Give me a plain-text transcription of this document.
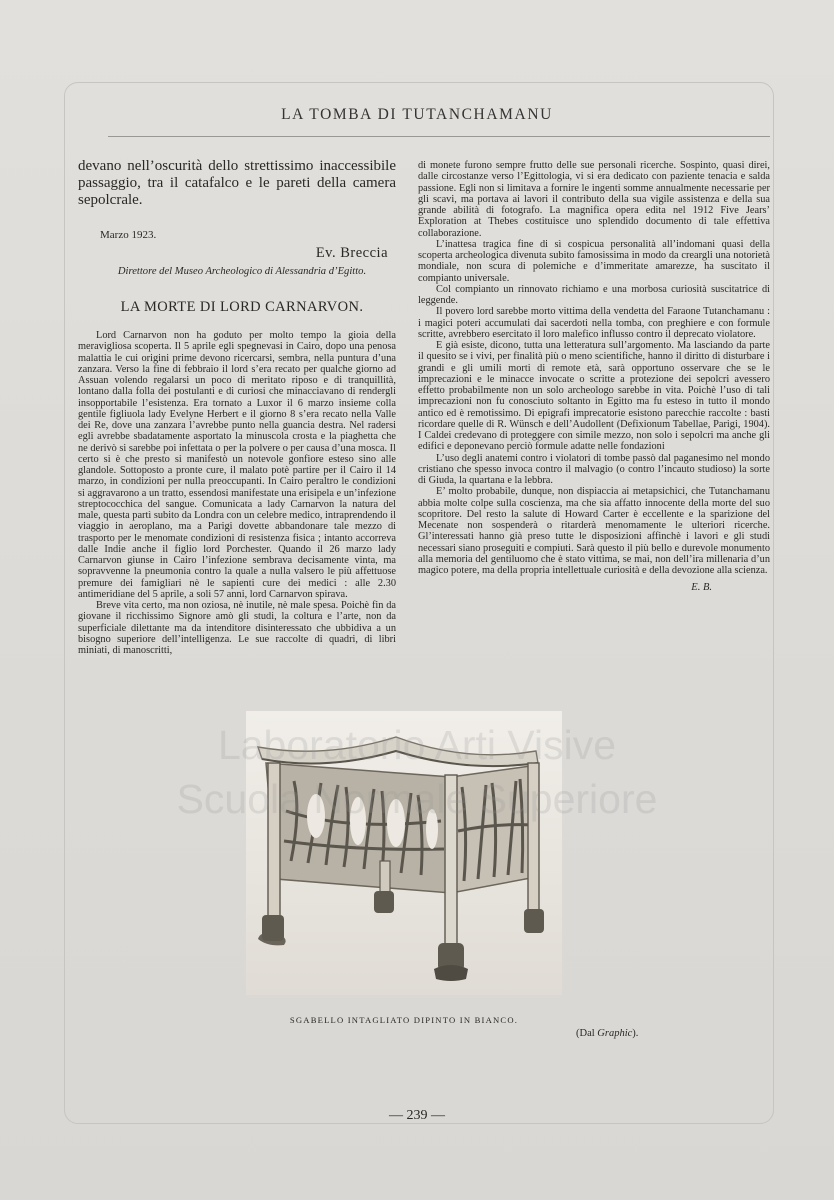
LA TOMBA DI TUTANCHAMANU

devano nell’oscurità dello strettissimo inaccessibile passaggio, tra il catafalco e le pareti della camera sepolcrale.

Marzo 1923.
Ev. Breccia
Direttore del Museo Archeologico di Alessandria d’Egitto.
LA MORTE DI LORD CARNARVON.

Lord Carnarvon non ha goduto per molto tempo la gioia della meravigliosa scoperta. Il 5 aprile egli spegnevasi in Cairo, dopo una penosa malattia le cui origini prime devono ricercarsi, sembra, nella puntura d’una zanzara. Verso la fine di febbraio il lord s’era recato per qualche giorno ad Assuan volendo regalarsi un poco di meritato riposo e di tranquillità, lontano dalla folla dei postulanti e di curiosi che minacciavano di rendergli insopportabile l’esistenza. Era tornato a Luxor il 6 marzo insieme colla gentile figliuola lady Evelyne Herbert e il giorno 8 s’era recato nella Valle dei Re, dove una zanzara l’avrebbe punto nella guancia destra. Nel radersi egli avrebbe sbadatamente asportato la minuscola crosta e la piaghetta che ne derivò si sarebbe poi infettata o per la polvere o per causa d’una mosca. Il certo si è che presto si manifestò un notevole gonfiore esteso sino alle glandole. Sottoposto a pronte cure, il malato potè partire per il Cairo il 14 marzo, in condizioni per nulla preoccupanti. In Cairo peraltro le condizioni si aggravarono a un tratto, essendosi manifestate una erisipela e un’infezione streptococchica del sangue. Comunicata a lady Carnarvon la natura del male, questa partì subito da Londra con un celebre medico, intraprendendo il viaggio in aeroplano, ma a Parigi dovette abbandonare tale mezzo di trasporto per le menomate condizioni di resistenza fisica ; intanto accorreva dalle Indie anche il figlio lord Porchester. Quando il 26 marzo lady Carnarvon giunse in Cairo l’infezione sembrava decisamente vinta, ma sopravvenne la pneumonia contro la quale a nulla valsero le più affettuose premure dei famigliari nè le sapienti cure dei medici : alle 2.30 antimeridiane del 5 aprile, a soli 57 anni, lord Carnarvon spirava.

Breve vita certo, ma non oziosa, nè inutile, nè male spesa. Poichè fin da giovane il ricchissimo Signore amò gli studi, la coltura e l’arte, non da superficiale dilettante ma da intenditore disinteressato che ubbidiva a un bisogno superiore dell’intelligenza. Le sue raccolte di quadri, di libri miniati, di manoscritti,

di monete furono sempre frutto delle sue personali ricerche. Sospinto, quasi direi, dalle circostanze verso l’Egittologia, vi si era dedicato con paziente tenacia e salda passione. Egli non si limitava a fornire le ingenti somme annualmente necessarie per gli scavi, ma portava ai lavori il contributo della sua vigile assistenza e della sua grande abilità di fotografo. La magnifica opera edita nel 1912 Five Jears’ Exploration at Thebes costituisce uno splendido documento di tale effettiva collaborazione.

L’inattesa tragica fine di sì cospicua personalità all’indomani quasi della scoperta archeologica divenuta subito famosissima in modo da creargli una notorietà mondiale, non scura di polemiche e d’immeritate amarezze, ha suscitato il compianto universale.

Col compianto un rinnovato richiamo e una morbosa curiosità suscitatrice di leggende.

Il povero lord sarebbe morto vittima della vendetta del Faraone Tutanchamanu : i magici poteri accumulati dai sacerdoti nella tomba, con preghiere e con formule scritte, avrebbero esercitato il loro malefico influsso contro il deprecato violatore.

E già esiste, dicono, tutta una letteratura sull’argomento. Ma lasciando da parte il quesito se i vivi, per finalità più o meno scientifiche, hanno il diritto di disturbare i grandi e gli umili morti di remote età, sarà opportuno osservare che se le imprecazioni e le minacce invocate o scritte a protezione dei sepolcri avessero effetto probabilmente non un solo archeologo sarebbe in vita. Poichè l’uso di tali imprecazioni non fu conosciuto soltanto in Egitto ma fu esteso in tutto il mondo antico ed è remotissimo. Di epigrafi imprecatorie esistono parecchie raccolte : basti ricordare quelle di R. Wünsch e dell’Audollent (Defixionum Tabellae, Parigi, 1904). I Caldei credevano di proteggere con simile mezzo, non solo i sepolcri ma anche gli edifici e deponevano perciò formule adatte nelle fondazioni

L’uso degli anatemi contro i violatori di tombe passò dal paganesimo nel mondo cristiano che spesso invoca contro il malvagio (o contro l’incauto studioso) la sorte di Giuda, la quartana e la lebbra.

E’ molto probabile, dunque, non dispiaccia ai metapsichici, che Tutanchamanu abbia molte colpe sulla coscienza, ma che sia affatto innocente della morte del suo scopritore. Del resto la salute di Howard Carter è eccellente e la sparizione del Mecenate non sospenderà o ritarderà menomamente le ulteriori ricerche. Gl’interessati hanno già preso tutte le disposizioni affinchè i lavori e gli studi necessari siano proseguiti e compiuti. Sarà questo il più bello e durevole monumento alla memoria del gentiluomo che è stato vittima, se mai, non dell’ira millenaria d’un magico potere, ma della propria intellettuale curiosità e della devozione alla scienza.

E. B.
SGABELLO INTAGLIATO DIPINTO IN BIANCO.
(Dal Graphic).
Laboratorio Arti Visive
Scuola Normale Superiore
— 239 —
